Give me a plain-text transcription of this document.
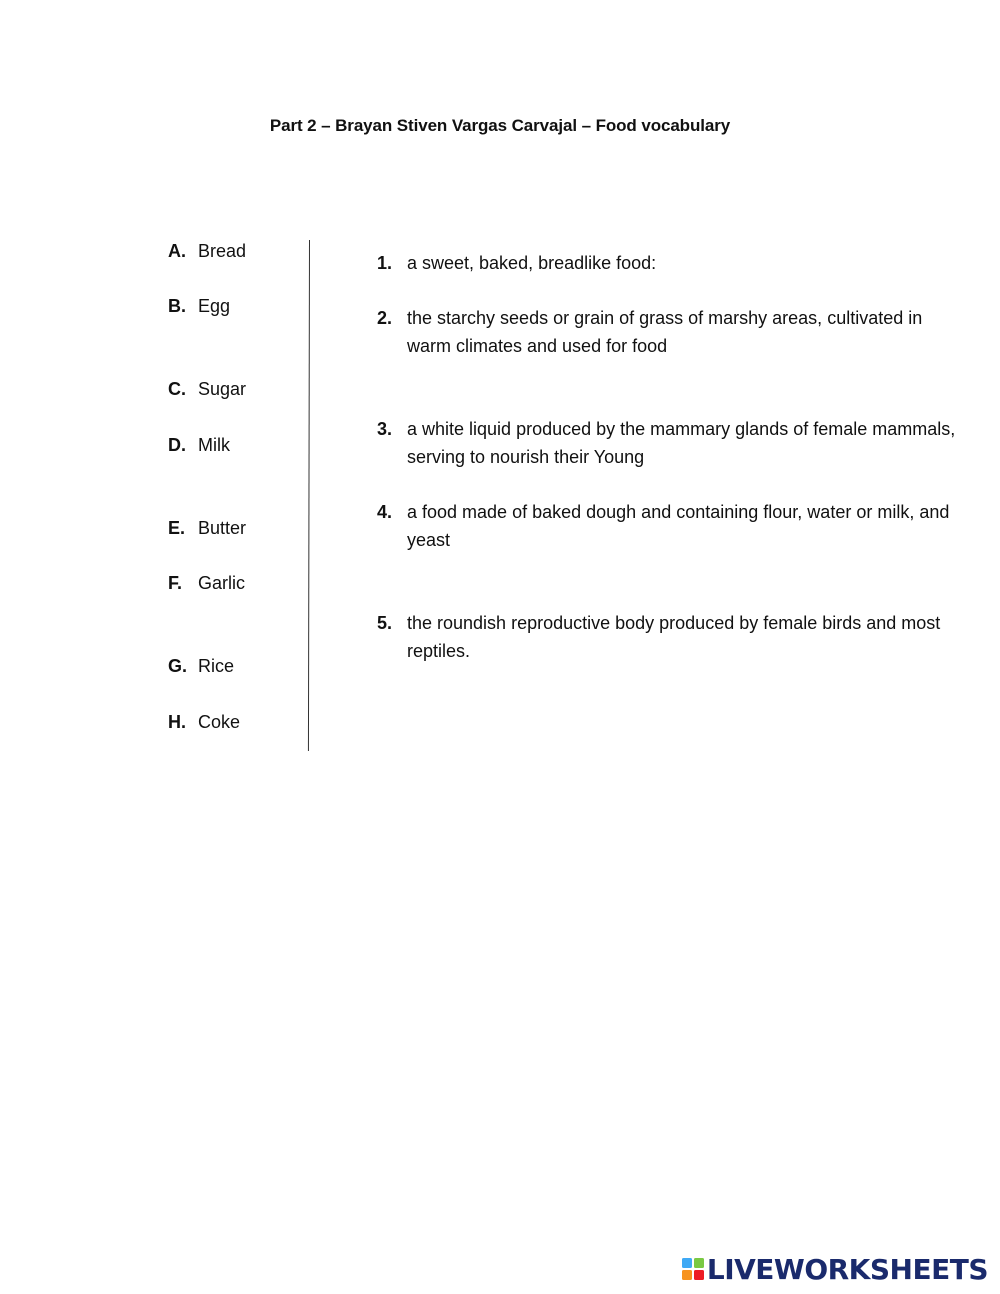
Part 2 – Brayan Stiven Vargas Carvajal – Food vocabulary
A. Bread
B. Egg
C. Sugar
D. Milk
E. Butter
F. Garlic
G. Rice
H. Coke
1. a sweet, baked, breadlike food:
2. the starchy seeds or grain of grass of marshy areas, cultivated in warm climates and used for food
3. a white liquid produced by the mammary glands of female mammals, serving to nourish their Young
4. a food made of baked dough and containing flour, water or milk, and yeast
5. the roundish reproductive body produced by female birds and most reptiles.
LIVEWORKSHEETS
